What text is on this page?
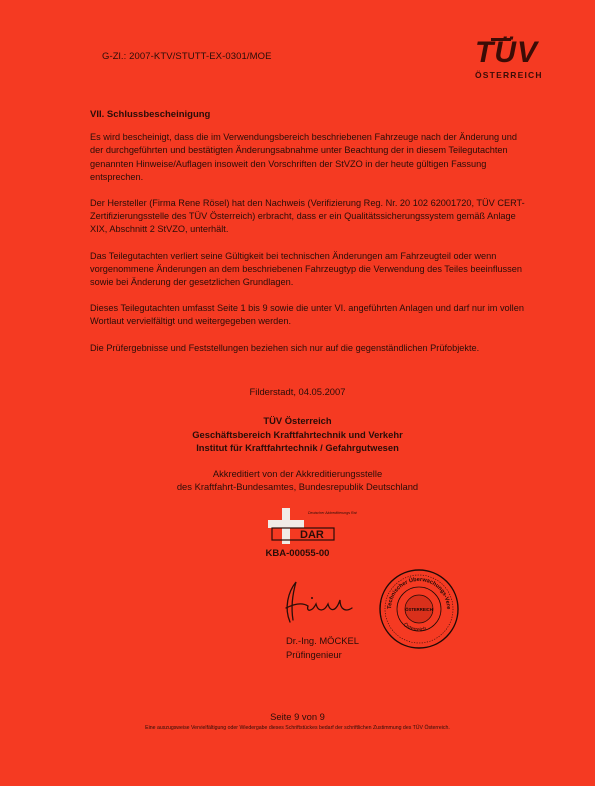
G-Zl.: 2007-KTV/STUTT-EX-0301/MOE	TÜV
ÖSTERREICH
VII. Schlussbescheinigung

Es wird bescheinigt, dass die im Verwendungsbereich beschriebenen Fahrzeuge nach der Änderung und der durchgeführten und bestätigten Änderungsabnahme unter Beachtung der in diesem Teilegutachten genannten Hinweise/Auflagen insoweit den Vorschriften der StVZO in der heute gültigen Fassung entsprechen.

Der Hersteller (Firma Rene Rösel) hat den Nachweis (Verifizierung Reg. Nr. 20 102 62001720, TÜV CERT-Zertifizierungsstelle des TÜV Österreich) erbracht, dass er ein Qualitätssicherungssystem gemäß Anlage XIX, Abschnitt 2 StVZO, unterhält.

Das Teilegutachten verliert seine Gültigkeit bei technischen Änderungen am Fahrzeugteil oder wenn vorgenommene Änderungen an dem beschriebenen Fahrzeugtyp die Verwendung des Teiles beeinflussen sowie bei Änderung der gesetzlichen Grundlagen.

Dieses Teilegutachten umfasst Seite 1 bis 9 sowie die unter VI. angeführten Anlagen und darf nur im vollen Wortlaut vervielfältigt und weitergegeben werden.

Die Prüfergebnisse und Feststellungen beziehen sich nur auf die gegenständlichen Prüfobjekte.

Filderstadt, 04.05.2007
TÜV Österreich
Geschäftsbereich Kraftfahrtechnik und Verkehr
Institut für Kraftfahrtechnik / Gefahrgutwesen
Akkreditiert von der Akkreditierungsstelle
des Kraftfahrt-Bundesamtes, Bundesrepublik Deutschland
DAR
Deutscher Akkreditierungs Rat
KBA-00055-00
Dr.-Ing. MÖCKEL
Prüfingenieur
Technischer Überwachungs-Vere
ÖSTERREICH
Österreich
Seite 9 von 9
Eine auszugsweise Vervielfältigung oder Wiedergabe dieses Schriftstückes bedarf der schriftlichen Zustimmung des TÜV Österreich.
